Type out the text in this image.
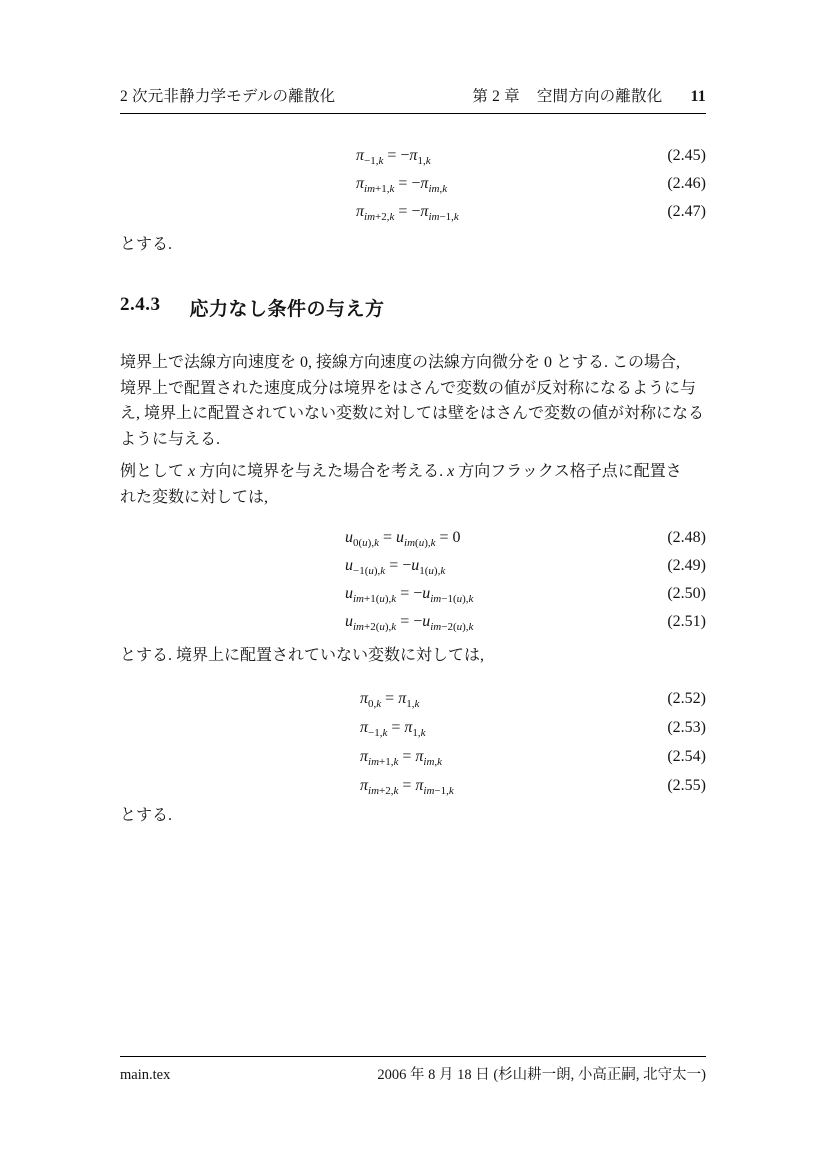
2 次元非静力学モデルの離散化	第 2 章 空間方向の離散化 11
$\pi_{-1,k} = -\pi_{1,k}$	(2.45)
$\pi_{im+1,k} = -\pi_{im,k}$	(2.46)
$\pi_{im+2,k} = -\pi_{im-1,k}$	(2.47)
とする.
2.4.3 応力なし条件の与え方
境界上で法線方向速度を 0, 接線方向速度の法線方向微分を 0 とする. この場合,
境界上で配置された速度成分は境界をはさんで変数の値が反対称になるように与
え, 境界上に配置されていない変数に対しては壁をはさんで変数の値が対称になる
ように与える.
例として x 方向に境界を与えた場合を考える. x 方向フラックス格子点に配置さ
れた変数に対しては,
$u_{0(u),k} = u_{im(u),k} = 0$	(2.48)
$u_{-1(u),k} = -u_{1(u),k}$	(2.49)
$u_{im+1(u),k} = -u_{im-1(u),k}$	(2.50)
$u_{im+2(u),k} = -u_{im-2(u),k}$	(2.51)
とする. 境界上に配置されていない変数に対しては,
$\pi_{0,k} = \pi_{1,k}$	(2.52)
$\pi_{-1,k} = \pi_{1,k}$	(2.53)
$\pi_{im+1,k} = \pi_{im,k}$	(2.54)
$\pi_{im+2,k} = \pi_{im-1,k}$	(2.55)
とする.
main.tex	2006 年 8 月 18 日 (杉山耕一朗, 小高正嗣, 北守太一)
